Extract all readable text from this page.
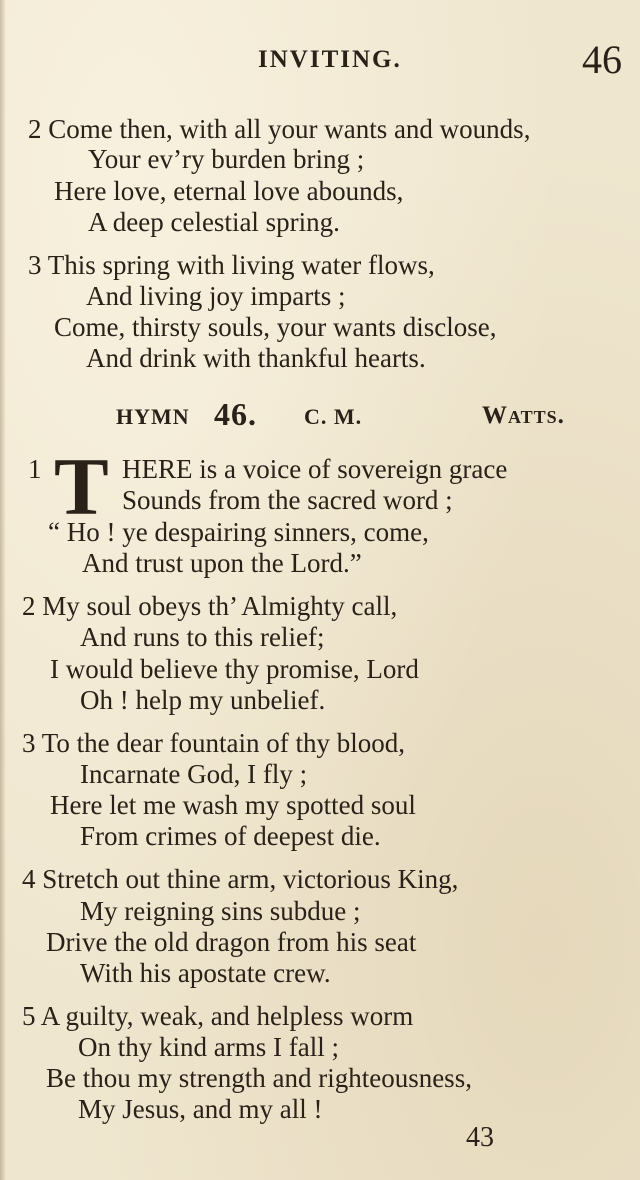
INVITING.	46
2 Come then, with all your wants and wounds,
Your ev’ry burden bring ;
Here love, eternal love abounds,
A deep celestial spring.
3 This spring with living water flows,
And living joy imparts ;
Come, thirsty souls, your wants disclose,
And drink with thankful hearts.
HYMN 46. C. M.	Watts.
1 T HERE is a voice of sovereign grace
Sounds from the sacred word ;
“ Ho ! ye despairing sinners, come,
And trust upon the Lord.”
2 My soul obeys th’ Almighty call,
And runs to this relief;
I would believe thy promise, Lord
Oh ! help my unbelief.
3 To the dear fountain of thy blood,
Incarnate God, I fly ;
Here let me wash my spotted soul
From crimes of deepest die.
4 Stretch out thine arm, victorious King,
My reigning sins subdue ;
Drive the old dragon from his seat
With his apostate crew.
5 A guilty, weak, and helpless worm
On thy kind arms I fall ;
Be thou my strength and righteousness,
My Jesus, and my all !
43
